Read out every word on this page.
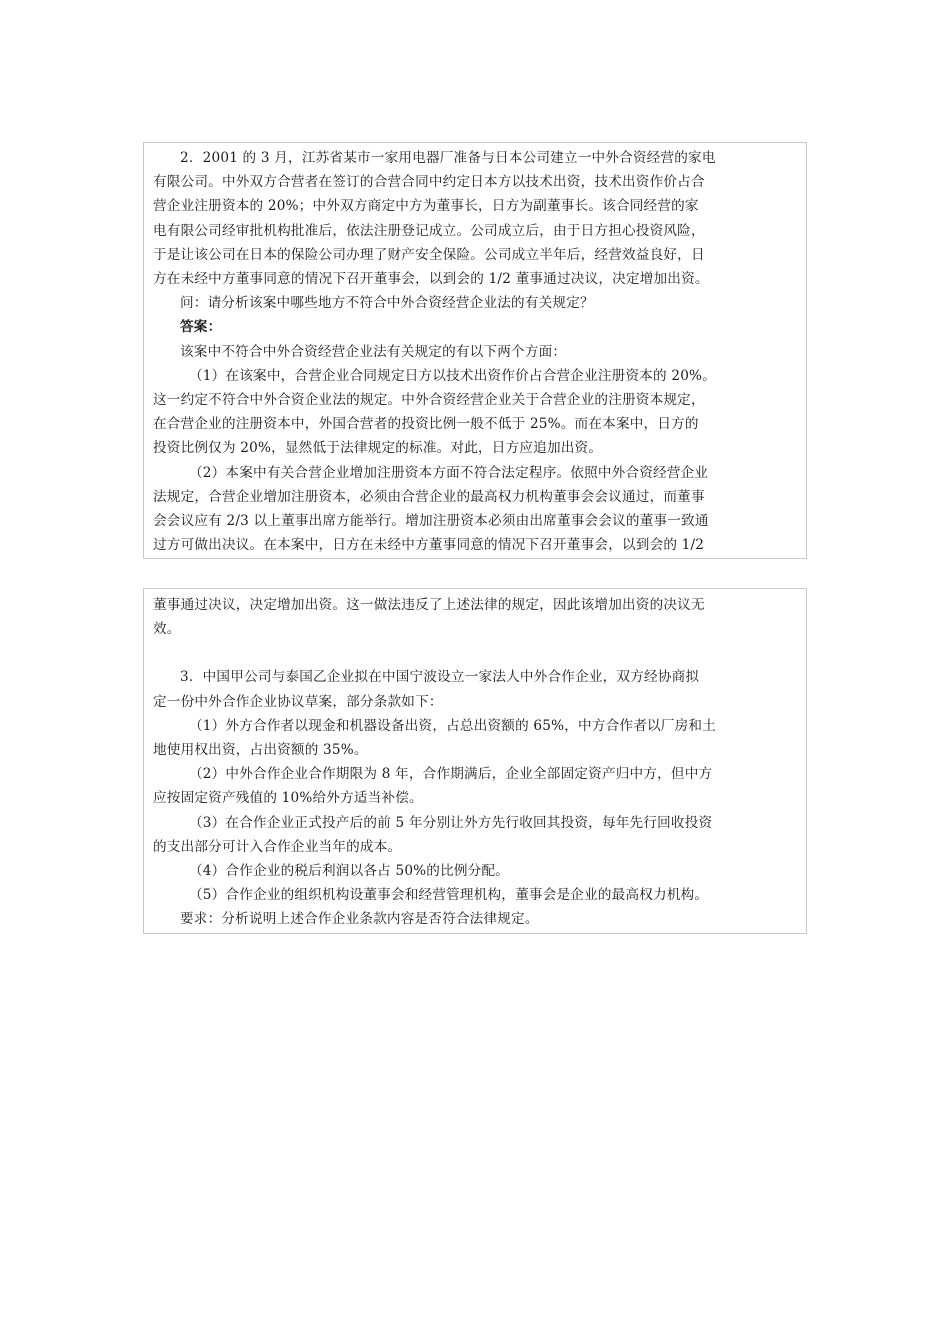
2．2001 的 3 月，江苏省某市一家用电器厂准备与日本公司建立一中外合资经营的家电

有限公司。中外双方合营者在签订的合营合同中约定日本方以技术出资，技术出资作价占合

营企业注册资本的 20%；中外双方商定中方为董事长，日方为副董事长。该合同经营的家

电有限公司经审批机构批准后，依法注册登记成立。公司成立后，由于日方担心投资风险，

于是让该公司在日本的保险公司办理了财产安全保险。公司成立半年后，经营效益良好，日

方在未经中方董事同意的情况下召开董事会，以到会的 1/2 董事通过决议，决定增加出资。

问：请分析该案中哪些地方不符合中外合资经营企业法的有关规定？

答案：

该案中不符合中外合资经营企业法有关规定的有以下两个方面：

（1）在该案中，合营企业合同规定日方以技术出资作价占合营企业注册资本的 20%。

这一约定不符合中外合资企业法的规定。中外合资经营企业关于合营企业的注册资本规定，

在合营企业的注册资本中，外国合营者的投资比例一般不低于 25%。而在本案中，日方的

投资比例仅为 20%，显然低于法律规定的标准。对此，日方应追加出资。

（2）本案中有关合营企业增加注册资本方面不符合法定程序。依照中外合资经营企业

法规定，合营企业增加注册资本，必须由合营企业的最高权力机构董事会会议通过，而董事

会会议应有 2/3 以上董事出席方能举行。增加注册资本必须由出席董事会会议的董事一致通

过方可做出决议。在本案中，日方在未经中方董事同意的情况下召开董事会，以到会的 1/2

董事通过决议，决定增加出资。这一做法违反了上述法律的规定，因此该增加出资的决议无

效。

3．中国甲公司与泰国乙企业拟在中国宁波设立一家法人中外合作企业，双方经协商拟

定一份中外合作企业协议草案，部分条款如下：

（1）外方合作者以现金和机器设备出资，占总出资额的 65%，中方合作者以厂房和土

地使用权出资，占出资额的 35%。

（2）中外合作企业合作期限为 8 年，合作期满后，企业全部固定资产归中方，但中方

应按固定资产残值的 10%给外方适当补偿。

（3）在合作企业正式投产后的前 5 年分别让外方先行收回其投资，每年先行回收投资

的支出部分可计入合作企业当年的成本。

（4）合作企业的税后利润以各占 50%的比例分配。

（5）合作企业的组织机构设董事会和经营管理机构，董事会是企业的最高权力机构。

要求：分析说明上述合作企业条款内容是否符合法律规定。
